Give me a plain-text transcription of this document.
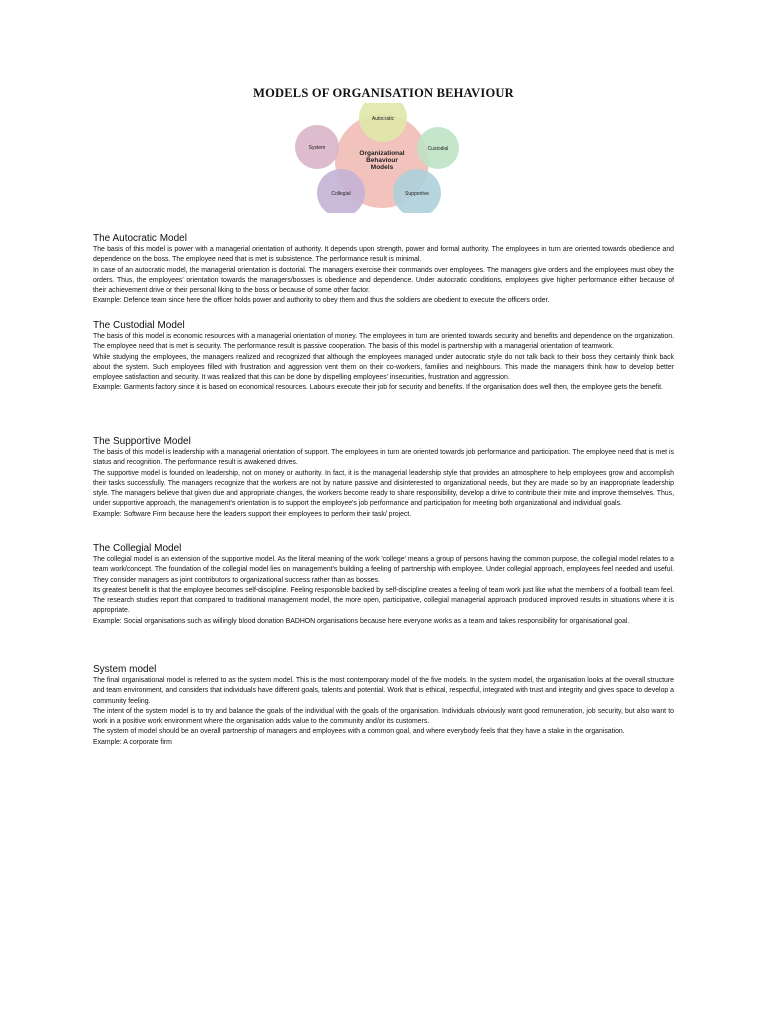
MODELS OF ORGANISATION BEHAVIOUR
Organizational
Behaviour
Models
Autocratic
Custodial
Supportive
Collegial
System
The Autocratic Model

The basis of this model is power with a managerial orientation of authority. It depends upon strength, power and formal authority. The employees in turn are oriented towards obedience and dependence on the boss. The employee need that is met is subsistence. The performance result is minimal.

In case of an autocratic model, the managerial orientation is doctorial. The managers exercise their commands over employees. The managers give orders and the employees must obey the orders. Thus, the employees' orientation towards the managers/bosses is obedience and dependence. Under autocratic conditions, employees give higher performance either because of their achievement drive or their personal liking to the boss or because of some other factor.

Example: Defence team since here the officer holds power and authority to obey them and thus the soldiers are obedient to execute the officers order.

The Custodial Model

The basis of this model is economic resources with a managerial orientation of money. The employees in turn are oriented towards security and benefits and dependence on the organization. The employee need that is met is security. The performance result is passive cooperation. The basis of this model is partnership with a managerial orientation of teamwork.

While studying the employees, the managers realized and recognized that although the employees managed under autocratic style do not talk back to their boss they certainly think back about the system. Such employees filled with frustration and aggression vent them on their co-workers, families and neighbours. This made the managers think how to develop better employee satisfaction and security. It was realized that this can be done by dispelling employees' insecurities, frustration and aggression.

Example: Garments factory since it is based on economical resources. Labours execute their job for security and benefits. If the organisation does well then, the employee gets the benefit.

The Supportive Model

The basis of this model is leadership with a managerial orientation of support. The employees in turn are oriented towards job performance and participation. The employee need that is met is status and recognition. The performance result is awakened drives.

The supportive model is founded on leadership, not on money or authority. In fact, it is the managerial leadership style that provides an atmosphere to help employees grow and accomplish their tasks successfully. The managers recognize that the workers are not by nature passive and disinterested to organizational needs, but they are made so by an inappropriate leadership style. The managers believe that given due and appropriate changes, the workers become ready to share responsibility, develop a drive to contribute their mite and improve themselves. Thus, under supportive approach, the management's orientation is to support the employee's job performance and participation for meeting both organizational and individual goals.

Example: Software Firm because here the leaders support their employees to perform their task/ project.

The Collegial Model

The collegial model is an extension of the supportive model. As the literal meaning of the work 'college' means a group of persons having the common purpose, the collegial model relates to a team work/concept. The foundation of the collegial model lies on management's building a feeling of partnership with employee. Under collegial approach, employees feel needed and useful. They consider managers as joint contributors to organizational success rather than as bosses.

Its greatest benefit is that the employee becomes self-discipline. Feeling responsible backed by self-discipline creates a feeling of team work just like what the members of a football team feel. The research studies report that compared to traditional management model, the more open, participative, collegial managerial approach produced improved results in situations where it is appropriate.

Example: Social organisations such as willingly blood donation BADHON organisations because here everyone works as a team and takes responsibility for organisational goal.

System model

The final organisational model is referred to as the system model. This is the most contemporary model of the five models. In the system model, the organisation looks at the overall structure and team environment, and considers that individuals have different goals, talents and potential. Work that is ethical, respectful, integrated with trust and integrity and gives space to develop a community feeling.

The intent of the system model is to try and balance the goals of the individual with the goals of the organisation. Individuals obviously want good remuneration, job security, but also want to work in a positive work environment where the organisation adds value to the community and/or its customers.

The system of model should be an overall partnership of managers and employees with a common goal, and where everybody feels that they have a stake in the organisation.

Example: A corporate firm
